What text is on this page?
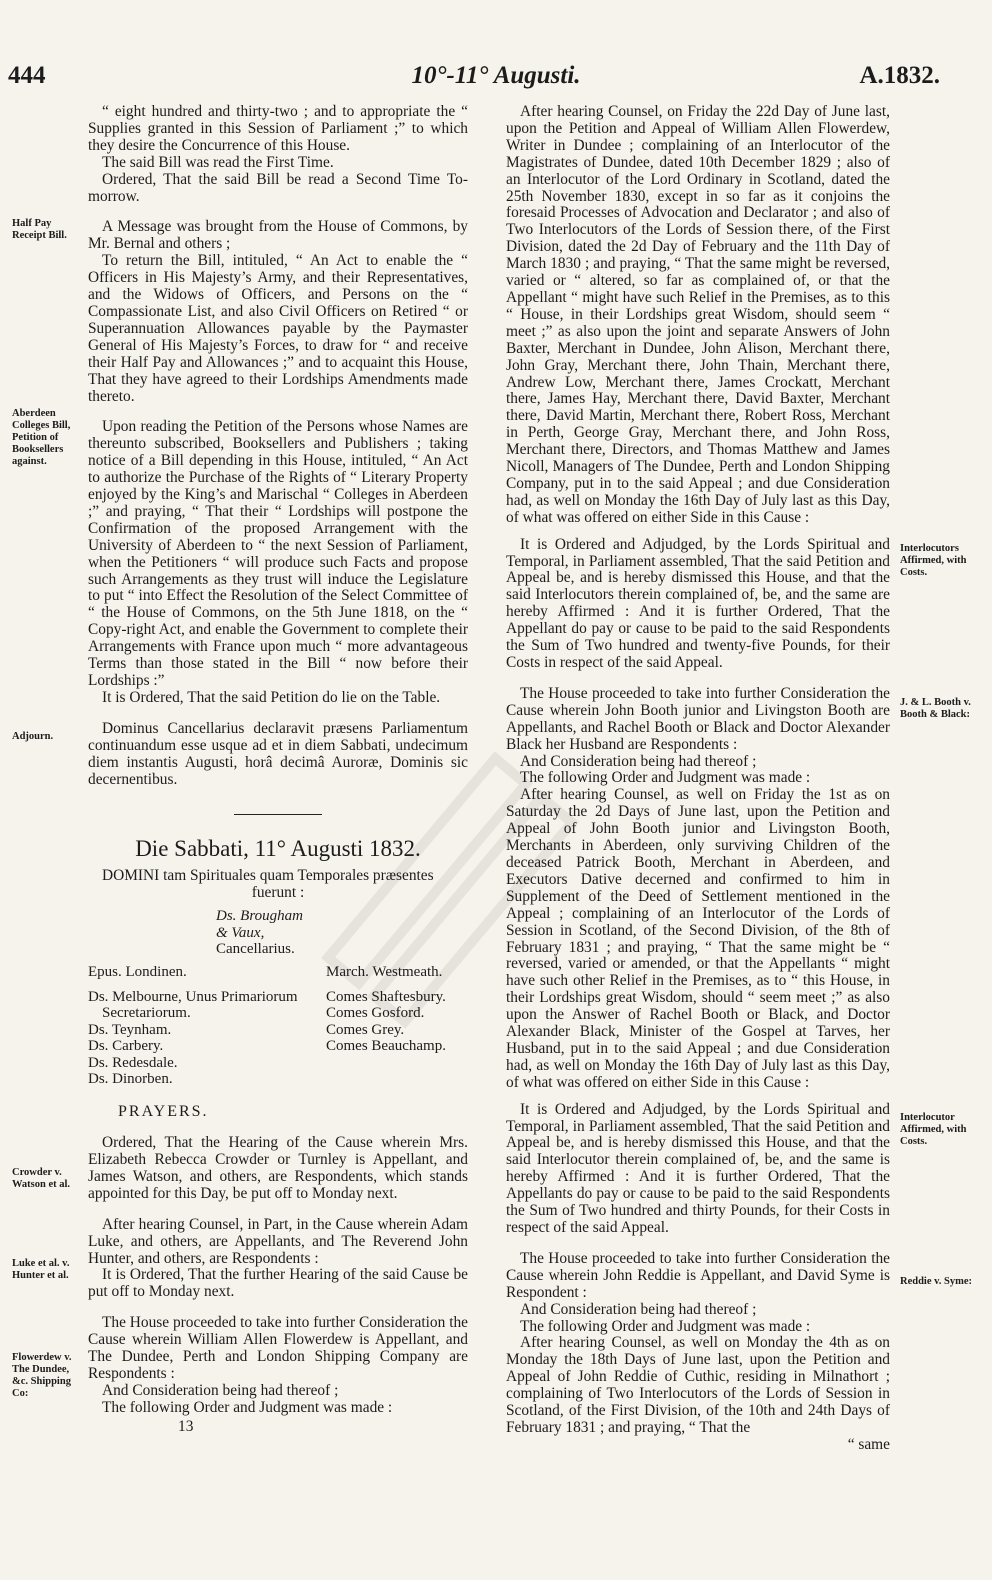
444	10°-11° Augusti.	A.1832.
Half Pay Receipt Bill.
Aberdeen Colleges Bill, Petition of Booksellers against.
Adjourn.
Crowder v. Watson et al.
Luke et al. v. Hunter et al.
Flowerdew v. The Dundee, &c. Shipping Co:
Interlocutors Affirmed, with Costs.
J. & L. Booth v. Booth & Black:
Interlocutor Affirmed, with Costs.
Reddie v. Syme:

“ eight hundred and thirty-two ; and to appropriate the “ Supplies granted in this Session of Parliament ;” to which they desire the Concurrence of this House.

The said Bill was read the First Time.

Ordered, That the said Bill be read a Second Time To-morrow.

A Message was brought from the House of Commons, by Mr. Bernal and others ;

To return the Bill, intituled, “ An Act to enable the “ Officers in His Majesty’s Army, and their Representatives, and the Widows of Officers, and Persons on the “ Compassionate List, and also Civil Officers on Retired “ or Superannuation Allowances payable by the Paymaster General of His Majesty’s Forces, to draw for “ and receive their Half Pay and Allowances ;” and to acquaint this House, That they have agreed to their Lordships Amendments made thereto.

Upon reading the Petition of the Persons whose Names are thereunto subscribed, Booksellers and Publishers ; taking notice of a Bill depending in this House, intituled, “ An Act to authorize the Purchase of the Rights of “ Literary Property enjoyed by the King’s and Marischal “ Colleges in Aberdeen ;” and praying, “ That their “ Lordships will postpone the Confirmation of the proposed Arrangement with the University of Aberdeen to “ the next Session of Parliament, when the Petitioners “ will produce such Facts and propose such Arrangements as they trust will induce the Legislature to put “ into Effect the Resolution of the Select Committee of “ the House of Commons, on the 5th June 1818, on the “ Copy-right Act, and enable the Government to complete their Arrangements with France upon much “ more advantageous Terms than those stated in the Bill “ now before their Lordships :”

It is Ordered, That the said Petition do lie on the Table.

Dominus Cancellarius declaravit præsens Parliamentum continuandum esse usque ad et in diem Sabbati, undecimum diem instantis Augusti, horâ decimâ Auroræ, Dominis sic decernentibus.

Die Sabbati, 11° Augusti 1832.

DOMINI tam Spirituales quam Temporales præsentes

fuerunt :

Ds. Brougham
& Vaux,
Cancellarius.
Epus. Londinen.
Ds. Melbourne, Unus Primariorum
Secretariorum.
Ds. Teynham.
Ds. Carbery.
Ds. Redesdale.
Ds. Dinorben.
March. Westmeath.
Comes Shaftesbury.
Comes Gosford.
Comes Grey.
Comes Beauchamp.

PRAYERS.

Ordered, That the Hearing of the Cause wherein Mrs. Elizabeth Rebecca Crowder or Turnley is Appellant, and James Watson, and others, are Respondents, which stands appointed for this Day, be put off to Monday next.

After hearing Counsel, in Part, in the Cause wherein Adam Luke, and others, are Appellants, and The Reverend John Hunter, and others, are Respondents :

It is Ordered, That the further Hearing of the said Cause be put off to Monday next.

The House proceeded to take into further Consideration the Cause wherein William Allen Flowerdew is Appellant, and The Dundee, Perth and London Shipping Company are Respondents :

And Consideration being had thereof ;

The following Order and Judgment was made :

13

After hearing Counsel, on Friday the 22d Day of June last, upon the Petition and Appeal of William Allen Flowerdew, Writer in Dundee ; complaining of an Interlocutor of the Magistrates of Dundee, dated 10th December 1829 ; also of an Interlocutor of the Lord Ordinary in Scotland, dated the 25th November 1830, except in so far as it conjoins the foresaid Processes of Advocation and Declarator ; and also of Two Interlocutors of the Lords of Session there, of the First Division, dated the 2d Day of February and the 11th Day of March 1830 ; and praying, “ That the same might be reversed, varied or “ altered, so far as complained of, or that the Appellant “ might have such Relief in the Premises, as to this “ House, in their Lordships great Wisdom, should seem “ meet ;” as also upon the joint and separate Answers of John Baxter, Merchant in Dundee, John Alison, Merchant there, John Gray, Merchant there, John Thain, Merchant there, Andrew Low, Merchant there, James Crockatt, Merchant there, James Hay, Merchant there, David Baxter, Merchant there, David Martin, Merchant there, Robert Ross, Merchant in Perth, George Gray, Merchant there, and John Ross, Merchant there, Directors, and Thomas Matthew and James Nicoll, Managers of The Dundee, Perth and London Shipping Company, put in to the said Appeal ; and due Consideration had, as well on Monday the 16th Day of July last as this Day, of what was offered on either Side in this Cause :

It is Ordered and Adjudged, by the Lords Spiritual and Temporal, in Parliament assembled, That the said Petition and Appeal be, and is hereby dismissed this House, and that the said Interlocutors therein complained of, be, and the same are hereby Affirmed : And it is further Ordered, That the Appellant do pay or cause to be paid to the said Respondents the Sum of Two hundred and twenty-five Pounds, for their Costs in respect of the said Appeal.

The House proceeded to take into further Consideration the Cause wherein John Booth junior and Livingston Booth are Appellants, and Rachel Booth or Black and Doctor Alexander Black her Husband are Respondents :

And Consideration being had thereof ;

The following Order and Judgment was made :

After hearing Counsel, as well on Friday the 1st as on Saturday the 2d Days of June last, upon the Petition and Appeal of John Booth junior and Livingston Booth, Merchants in Aberdeen, only surviving Children of the deceased Patrick Booth, Merchant in Aberdeen, and Executors Dative decerned and confirmed to him in Supplement of the Deed of Settlement mentioned in the Appeal ; complaining of an Interlocutor of the Lords of Session in Scotland, of the Second Division, of the 8th of February 1831 ; and praying, “ That the same might be “ reversed, varied or amended, or that the Appellants “ might have such other Relief in the Premises, as to “ this House, in their Lordships great Wisdom, should “ seem meet ;” as also upon the Answer of Rachel Booth or Black, and Doctor Alexander Black, Minister of the Gospel at Tarves, her Husband, put in to the said Appeal ; and due Consideration had, as well on Monday the 16th Day of July last as this Day, of what was offered on either Side in this Cause :

It is Ordered and Adjudged, by the Lords Spiritual and Temporal, in Parliament assembled, That the said Petition and Appeal be, and is hereby dismissed this House, and that the said Interlocutor therein complained of, be, and the same is hereby Affirmed : And it is further Ordered, That the Appellants do pay or cause to be paid to the said Respondents the Sum of Two hundred and thirty Pounds, for their Costs in respect of the said Appeal.

The House proceeded to take into further Consideration the Cause wherein John Reddie is Appellant, and David Syme is Respondent :

And Consideration being had thereof ;

The following Order and Judgment was made :

After hearing Counsel, as well on Monday the 4th as on Monday the 18th Days of June last, upon the Petition and Appeal of John Reddie of Cuthic, residing in Milnathort ; complaining of Two Interlocutors of the Lords of Session in Scotland, of the First Division, of the 10th and 24th Days of February 1831 ; and praying, “ That the

“ same
